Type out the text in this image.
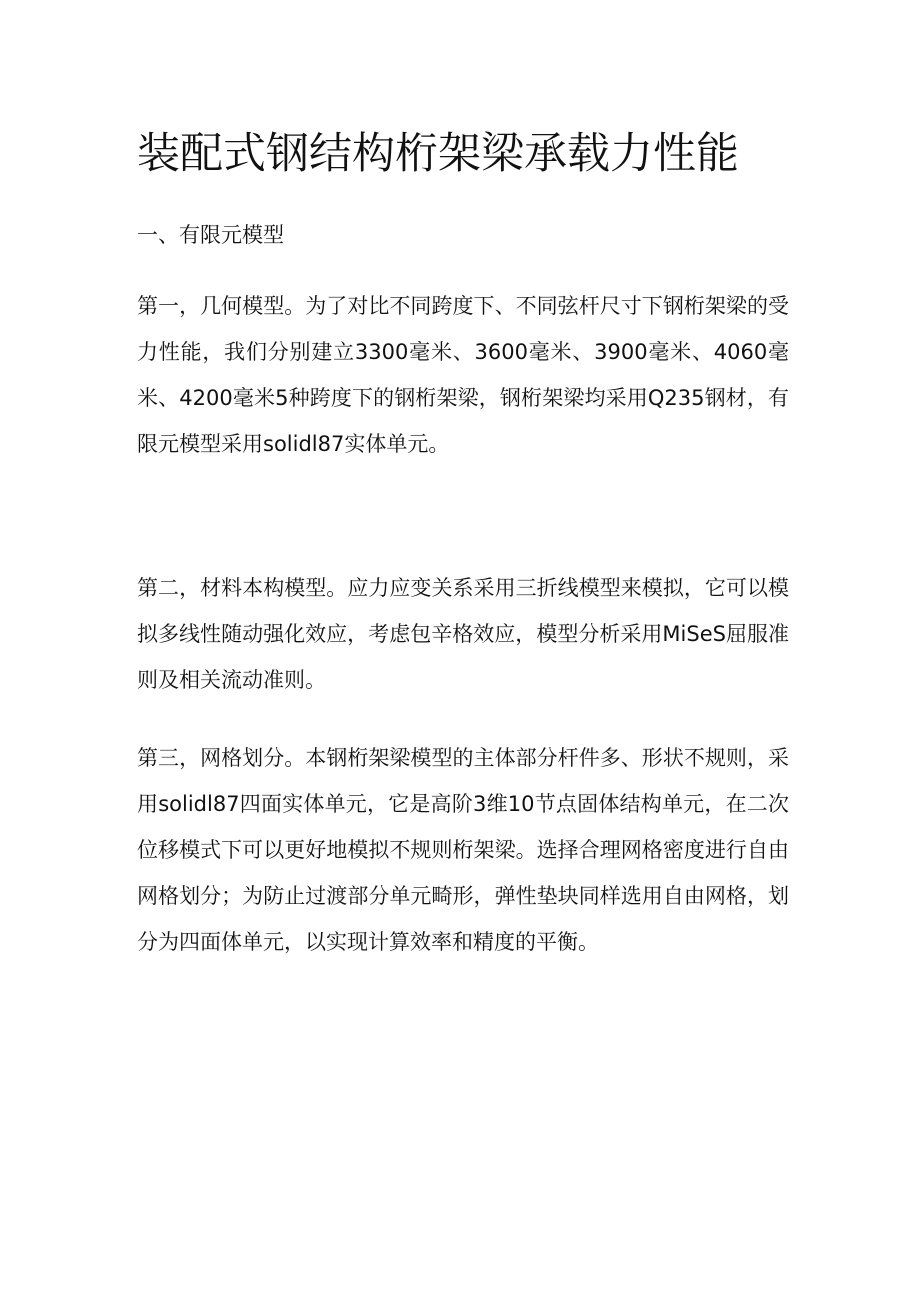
装配式钢结构桁架梁承载力性能
一、有限元模型

第一，几何模型。为了对比不同跨度下、不同弦杆尺寸下钢桁架梁的受力性能，我们分别建立3300毫米、3600毫米、3900毫米、4060毫米、4200毫米5种跨度下的钢桁架梁，钢桁架梁均采用Q235钢材，有限元模型采用solidl87实体单元。

第二，材料本构模型。应力应变关系采用三折线模型来模拟，它可以模拟多线性随动强化效应，考虑包辛格效应，模型分析采用MiSeS屈服准则及相关流动准则。

第三，网格划分。本钢桁架梁模型的主体部分杆件多、形状不规则，采用solidl87四面实体单元，它是高阶3维10节点固体结构单元，在二次位移模式下可以更好地模拟不规则桁架梁。选择合理网格密度进行自由网格划分；为防止过渡部分单元畸形，弹性垫块同样选用自由网格，划分为四面体单元，以实现计算效率和精度的平衡。
